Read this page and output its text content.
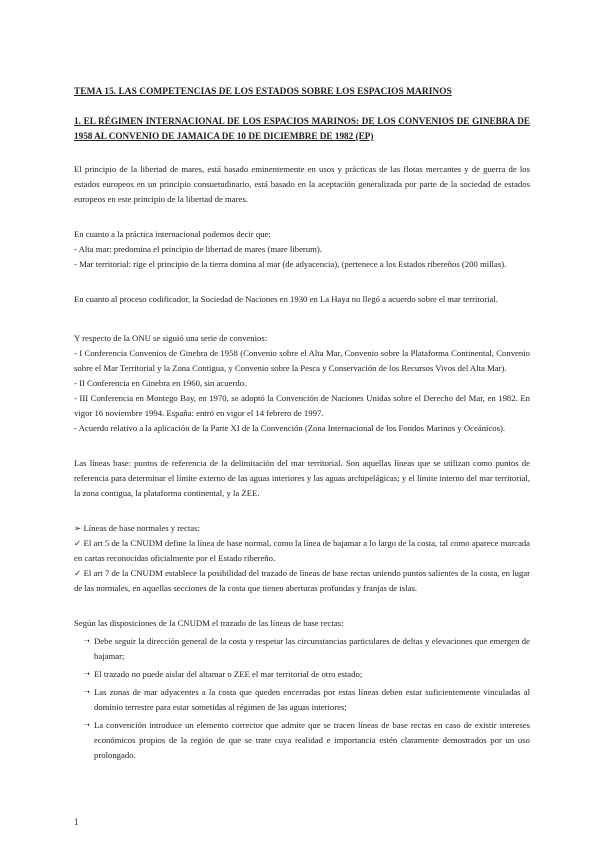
TEMA 15. LAS COMPETENCIAS DE LOS ESTADOS SOBRE LOS ESPACIOS MARINOS
1. EL RÉGIMEN INTERNACIONAL DE LOS ESPACIOS MARINOS: DE LOS CONVENIOS DE GINEBRA DE 1958 AL CONVENIO DE JAMAICA DE 10 DE DICIEMBRE DE 1982 (EP)

El principio de la libertad de mares, está basado eminentemente en usos y prácticas de las flotas mercantes y de guerra de los estados europeos en un principio consuetudinario, está basado en la aceptación generalizada por parte de la sociedad de estados europeos en este principio de la libertad de mares.

En cuanto a la práctica internacional podemos decir que:

- Alta mar: predomina el principio de libertad de mares (mare liberum).

- Mar territorial: rige el principio de la tierra domina al mar (de adyacencia), (pertenece a los Estados ribereños (200 millas).

En cuanto al proceso codificador, la Sociedad de Naciones en 1930 en La Haya no llegó a acuerdo sobre el mar territorial.

Y respecto de la ONU se siguió una serie de convenios:

- I Conferencia Convenios de Ginebra de 1958 (Convenio sobre el Alta Mar, Convenio sobre la Plataforma Continental, Convenio sobre el Mar Territorial y la Zona Contigua, y Convenio sobre la Pesca y Conservación de los Recursos Vivos del Alta Mar).

- II Conferencia en Ginebra en 1960, sin acuerdo.

- III Conferencia en Montego Bay, en 1970, se adoptó la Convención de Naciones Unidas sobre el Derecho del Mar, en 1982. En vigor 16 noviembre 1994. España: entró en vigor el 14 febrero de 1997.

- Acuerdo relativo a la aplicación de la Parte XI de la Convención (Zona Internacional de los Fondos Marinos y Oceánicos).

Las líneas base: puntos de referencia de la delimitación del mar territorial. Son aquellas líneas que se utilizan como puntos de referencia para determinar el límite externo de las aguas interiores y las aguas archipelágicas; y el límite interno del mar territorial, la zona contigua, la plataforma continental, y la ZEE.

➢ Líneas de base normales y rectas:

✓ El art 5 de la CNUDM define la línea de base normal, como la línea de bajamar a lo largo de la costa, tal como aparece marcada en cartas reconocidas oficialmente por el Estado ribereño.

✓ El art 7 de la CNUDM establece la posibilidad del trazado de líneas de base rectas uniendo puntos salientes de la costa, en lugar de las normales, en aquellas secciones de la costa que tienen aberturas profundas y franjas de islas.

Según las disposiciones de la CNUDM el trazado de las líneas de base rectas:

➝ Debe seguir la dirección general de la costa y respetar las circunstancias particulares de deltas y elevaciones que emergen de bajamar;
➝ El trazado no puede aislar del altamar o ZEE el mar territorial de otro estado;
➝ Las zonas de mar adyacentes a la costa que queden encerradas por estas líneas deben estar suficientemente vinculadas al dominio terrestre para estar sometidas al régimen de las aguas interiores;
➝ La convención introduce un elemento corrector que admite que se tracen líneas de base rectas en caso de existir intereses económicos propios de la región de que se trate cuya realidad e importancia estén claramente demostrados por un uso prolongado.
1
